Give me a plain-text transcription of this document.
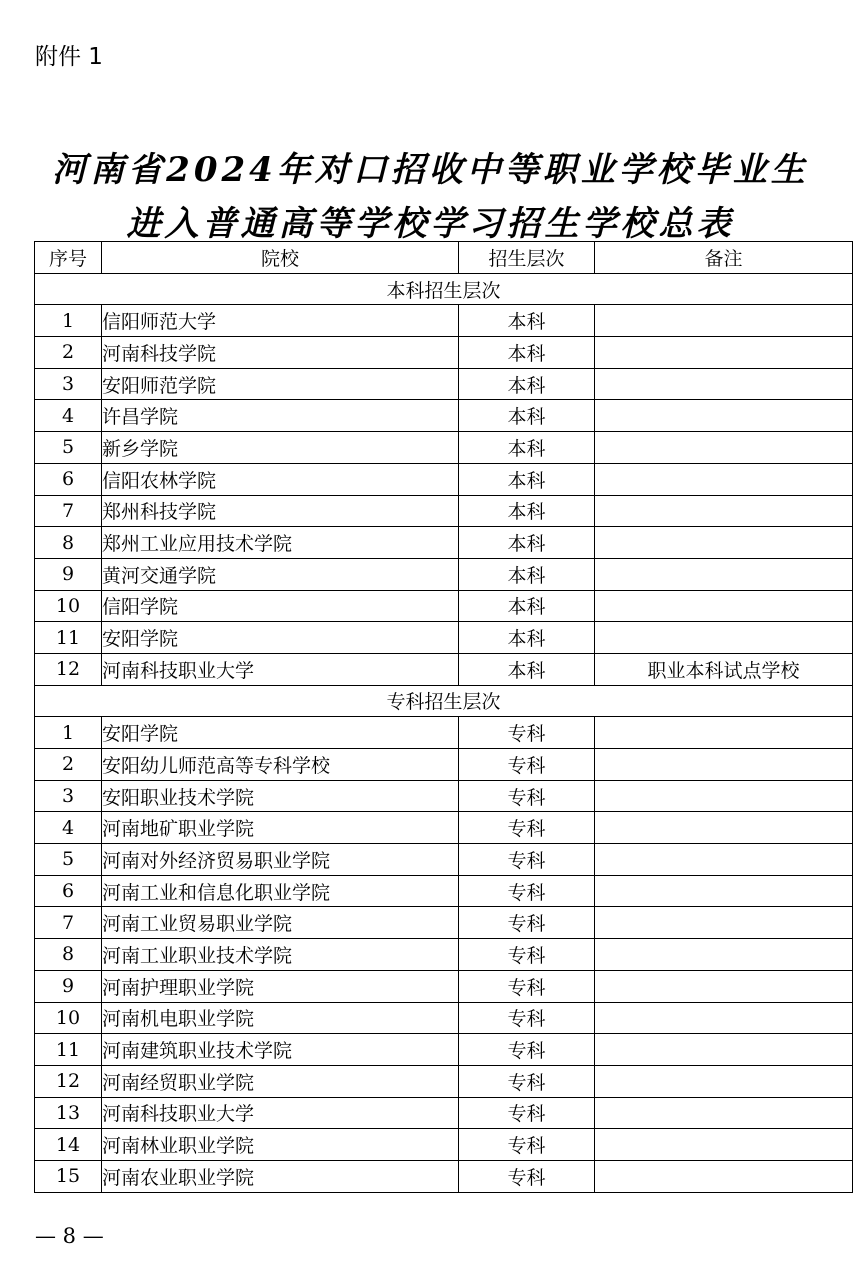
附件 1
河南省2024年对口招收中等职业学校毕业生
进入普通高等学校学习招生学校总表
序号	院校	招生层次	备注
本科招生层次			
1	信阳师范大学	本科	
2	河南科技学院	本科	
3	安阳师范学院	本科	
4	许昌学院	本科	
5	新乡学院	本科	
6	信阳农林学院	本科	
7	郑州科技学院	本科	
8	郑州工业应用技术学院	本科	
9	黄河交通学院	本科	
10	信阳学院	本科	
11	安阳学院	本科	
12	河南科技职业大学	本科	职业本科试点学校
专科招生层次			
1	安阳学院	专科	
2	安阳幼儿师范高等专科学校	专科	
3	安阳职业技术学院	专科	
4	河南地矿职业学院	专科	
5	河南对外经济贸易职业学院	专科	
6	河南工业和信息化职业学院	专科	
7	河南工业贸易职业学院	专科	
8	河南工业职业技术学院	专科	
9	河南护理职业学院	专科	
10	河南机电职业学院	专科	
11	河南建筑职业技术学院	专科	
12	河南经贸职业学院	专科	
13	河南科技职业大学	专科	
14	河南林业职业学院	专科	
15	河南农业职业学院	专科	
— 8 —
